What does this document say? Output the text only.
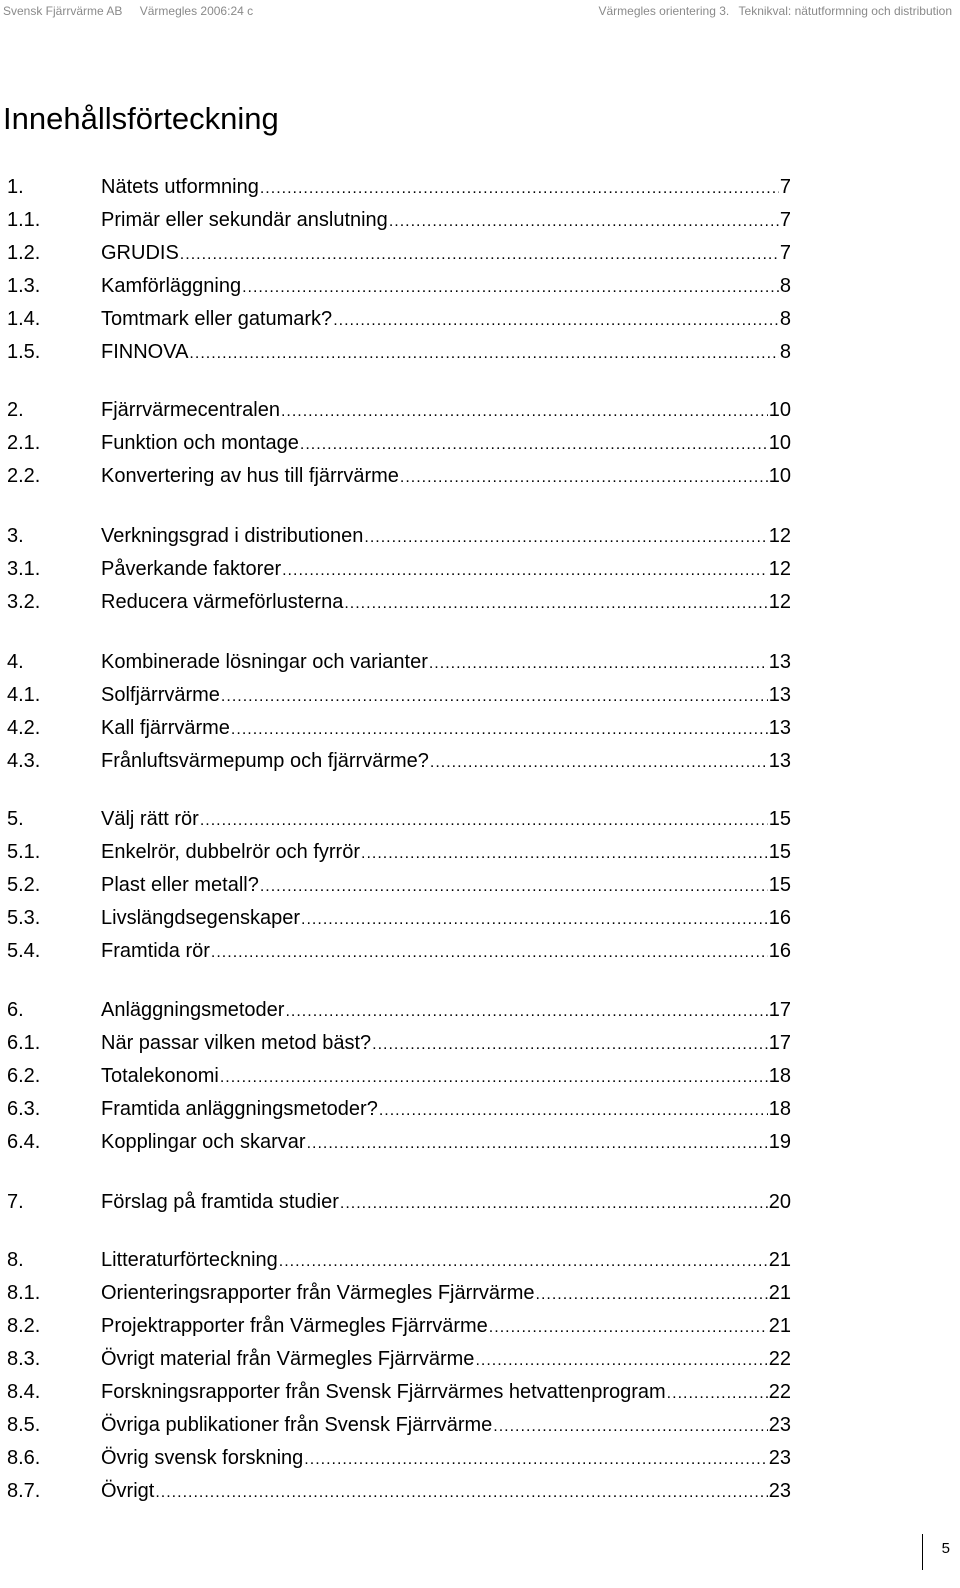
Svensk Fjärrvärme AB Värmegles 2006:24 c	Värmegles orientering 3. Teknikval: nätutformning och distribution
Innehållsförteckning
1.	Nätets utformning .....	7
1.1.	Primär eller sekundär anslutning .....	7
1.2.	GRUDIS .....	7
1.3.	Kamförläggning .....	8
1.4.	Tomtmark eller gatumark? .....	8
1.5.	FINNOVA .....	8
2.	Fjärrvärmecentralen .....	10
2.1.	Funktion och montage .....	10
2.2.	Konvertering av hus till fjärrvärme .....	10
3.	Verkningsgrad i distributionen .....	12
3.1.	Påverkande faktorer .....	12
3.2.	Reducera värmeförlusterna .....	12
4.	Kombinerade lösningar och varianter .....	13
4.1.	Solfjärrvärme .....	13
4.2.	Kall fjärrvärme .....	13
4.3.	Frånluftsvärmepump och fjärrvärme? .....	13
5.	Välj rätt rör .....	15
5.1.	Enkelrör, dubbelrör och fyrrör .....	15
5.2.	Plast eller metall? .....	15
5.3.	Livslängdsegenskaper .....	16
5.4.	Framtida rör .....	16
6.	Anläggningsmetoder .....	17
6.1.	När passar vilken metod bäst? .....	17
6.2.	Totalekonomi .....	18
6.3.	Framtida anläggningsmetoder? .....	18
6.4.	Kopplingar och skarvar .....	19
7.	Förslag på framtida studier .....	20
8.	Litteraturförteckning .....	21
8.1.	Orienteringsrapporter från Värmegles Fjärrvärme .....	21
8.2.	Projektrapporter från Värmegles Fjärrvärme .....	21
8.3.	Övrigt material från Värmegles Fjärrvärme .....	22
8.4.	Forskningsrapporter från Svensk Fjärrvärmes hetvattenprogram .....	22
8.5.	Övriga publikationer från Svensk Fjärrvärme .....	23
8.6.	Övrig svensk forskning .....	23
8.7.	Övrigt .....	23
5
